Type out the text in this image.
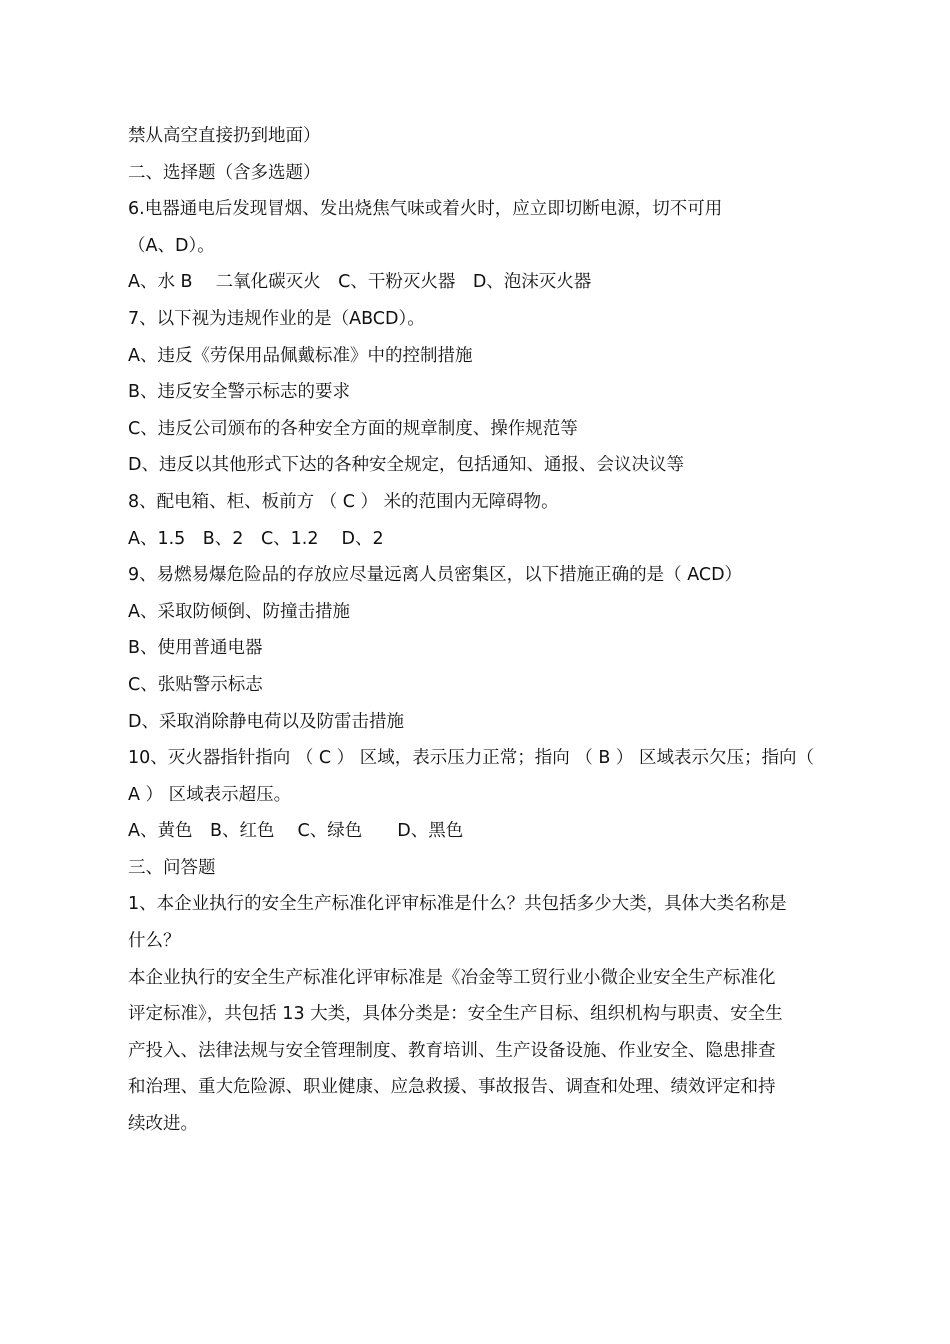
禁从高空直接扔到地面）
二、选择题（含多选题）
6.电器通电后发现冒烟、发出烧焦气味或着火时，应立即切断电源，切不可用
（A、D）。
A、水 B　 二氧化碳灭火　C、干粉灭火器　D、泡沫灭火器
7、以下视为违规作业的是（ABCD）。
A、违反《劳保用品佩戴标准》中的控制措施
B、违反安全警示标志的要求
C、违反公司颁布的各种安全方面的规章制度、操作规范等
D、违反以其他形式下达的各种安全规定，包括通知、通报、会议决议等
8、配电箱、柜、板前方 （ C ） 米的范围内无障碍物。
A、1.5　B、2　C、1.2　 D、2
9、易燃易爆危险品的存放应尽量远离人员密集区，以下措施正确的是（ ACD）
A、采取防倾倒、防撞击措施
B、使用普通电器
C、张贴警示标志
D、采取消除静电荷以及防雷击措施
10、灭火器指针指向 （ C ） 区域，表示压力正常；指向 （ B ） 区域表示欠压；指向（
A ） 区域表示超压。
A、黄色　B、红色　 C、绿色　　D、黑色
三、问答题
1、本企业执行的安全生产标准化评审标准是什么？共包括多少大类，具体大类名称是
什么？
本企业执行的安全生产标准化评审标准是《冶金等工贸行业小微企业安全生产标准化
评定标准》，共包括 13 大类，具体分类是：安全生产目标、组织机构与职责、安全生
产投入、法律法规与安全管理制度、教育培训、生产设备设施、作业安全、隐患排查
和治理、重大危险源、职业健康、应急救援、事故报告、调查和处理、绩效评定和持
续改进。
